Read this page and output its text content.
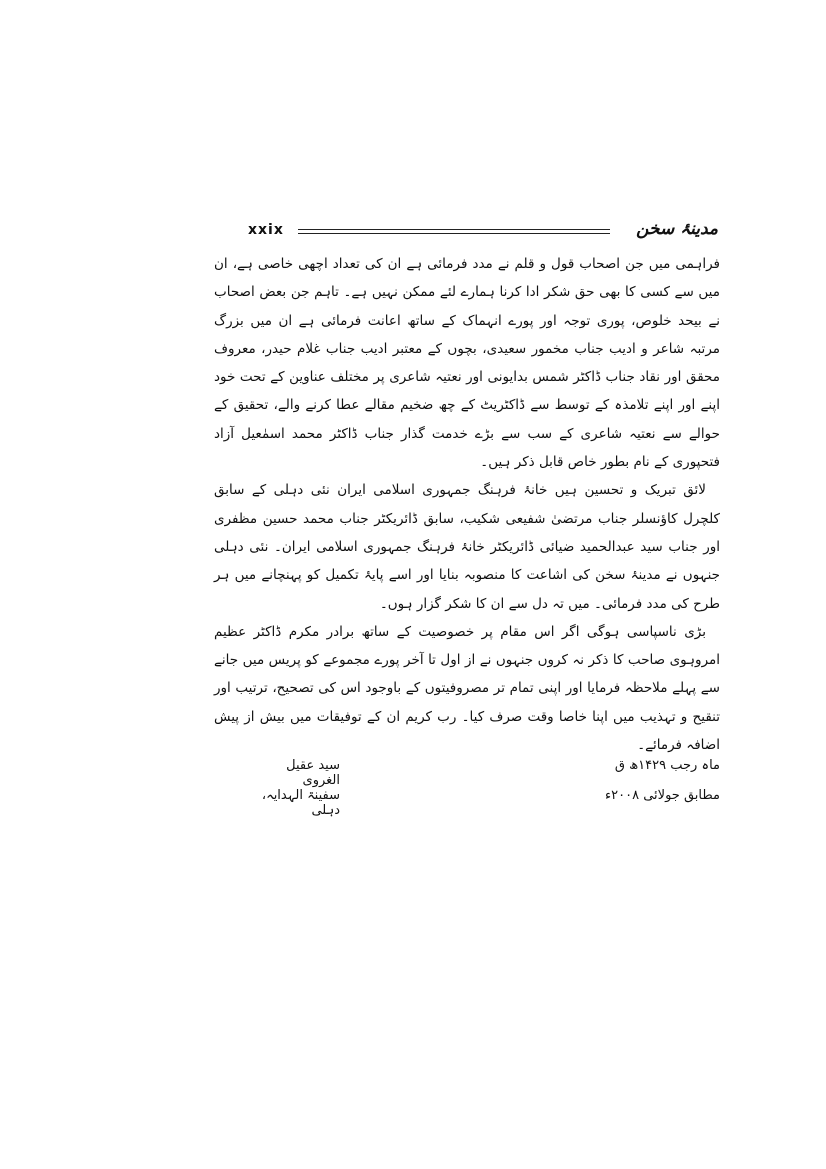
xxix	مدینۂ سخن

فراہمی میں جن اصحاب قول و قلم نے مدد فرمائی ہے ان کی تعداد اچھی خاصی ہے، ان میں سے کسی کا بھی حق شکر ادا کرنا ہمارے لئے ممکن نہیں ہے۔ تاہم جن بعض اصحاب نے بیحد خلوص، پوری توجہ اور پورے انہماک کے ساتھ اعانت فرمائی ہے ان میں بزرگ مرتبہ شاعر و ادیب جناب مخمور سعیدی، بچوں کے معتبر ادیب جناب غلام حیدر، معروف محقق اور نقاد جناب ڈاکٹر شمس بدایونی اور نعتیہ شاعری پر مختلف عناوین کے تحت خود اپنے اور اپنے تلامذہ کے توسط سے ڈاکٹریٹ کے چھ ضخیم مقالے عطا کرنے والے، تحقیق کے حوالے سے نعتیہ شاعری کے سب سے بڑے خدمت گذار جناب ڈاکٹر محمد اسمٰعیل آزاد فتحپوری کے نام بطور خاص قابل ذکر ہیں۔

لائق تبریک و تحسین ہیں خانۂ فرہنگ جمہوری اسلامی ایران نئی دہلی کے سابق کلچرل کاؤنسلر جناب مرتضیٰ شفیعی شکیب، سابق ڈائریکٹر جناب محمد حسین مظفری اور جناب سید عبدالحمید ضیائی ڈائریکٹر خانۂ فرہنگ جمہوری اسلامی ایران۔ نئی دہلی جنہوں نے مدینۂ سخن کی اشاعت کا منصوبہ بنایا اور اسے پایۂ تکمیل کو پہنچانے میں ہر طرح کی مدد فرمائی۔ میں تہ دل سے ان کا شکر گزار ہوں۔

بڑی ناسپاسی ہوگی اگر اس مقام پر خصوصیت کے ساتھ برادر مکرم ڈاکٹر عظیم امروہوی صاحب کا ذکر نہ کروں جنہوں نے از اول تا آخر پورے مجموعے کو پریس میں جانے سے پہلے ملاحظہ فرمایا اور اپنی تمام تر مصروفیتوں کے باوجود اس کی تصحیح، ترتیب اور تنقیح و تہذیب میں اپنا خاصا وقت صرف کیا۔ رب کریم ان کے توفیقات میں بیش از پیش اضافہ فرمائے۔

ماہ رجب ۱۴۲۹ھ ق
سید عقیل الغروی
مطابق جولائی ۲۰۰۸ء
سفینۃ الہدایہ، دہلی
